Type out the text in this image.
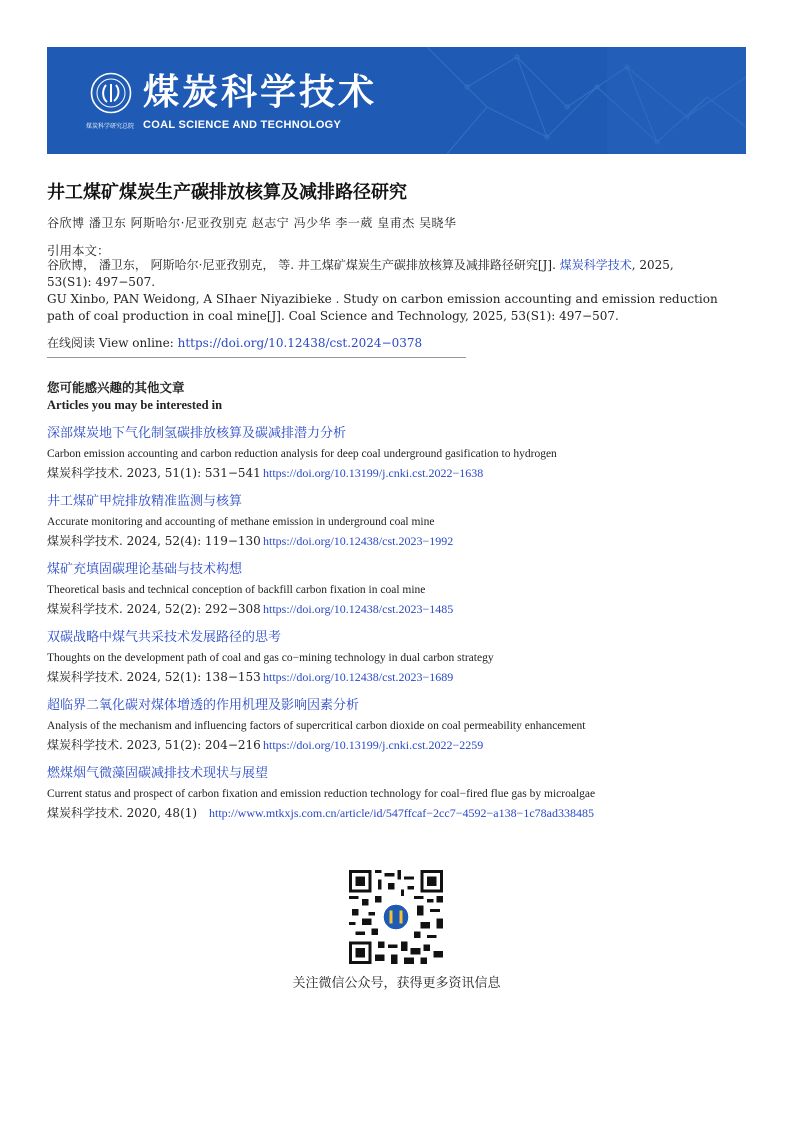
煤炭科学技术
煤炭科学研究总院 COAL SCIENCE AND TECHNOLOGY
井工煤矿煤炭生产碳排放核算及减排路径研究
谷欣博 潘卫东 阿斯哈尔·尼亚孜别克 赵志宁 冯少华 李一葳 皇甫杰 吴晓华
引用本文：

谷欣博， 潘卫东， 阿斯哈尔·尼亚孜别克， 等. 井工煤矿煤炭生产碳排放核算及减排路径研究[J]. 煤炭科学技术, 2025,

53(S1): 497−507.

GU Xinbo, PAN Weidong, A SIhaer Niyazibieke . Study on carbon emission accounting and emission reduction path of coal production in coal mine[J]. Coal Science and Technology, 2025, 53(S1): 497−507.

在线阅读 View online: https://doi.org/10.12438/cst.2024−0378
您可能感兴趣的其他文章
Articles you may be interested in
深部煤炭地下气化制氢碳排放核算及碳减排潜力分析
Carbon emission accounting and carbon reduction analysis for deep coal underground gasification to hydrogen
煤炭科学技术. 2023, 51(1): 531−541 https://doi.org/10.13199/j.cnki.cst.2022−1638
井工煤矿甲烷排放精准监测与核算
Accurate monitoring and accounting of methane emission in underground coal mine
煤炭科学技术. 2024, 52(4): 119−130 https://doi.org/10.12438/cst.2023−1992
煤矿充填固碳理论基础与技术构想
Theoretical basis and technical conception of backfill carbon fixation in coal mine
煤炭科学技术. 2024, 52(2): 292−308 https://doi.org/10.12438/cst.2023−1485
双碳战略中煤气共采技术发展路径的思考
Thoughts on the development path of coal and gas co−mining technology in dual carbon strategy
煤炭科学技术. 2024, 52(1): 138−153 https://doi.org/10.12438/cst.2023−1689
超临界二氧化碳对煤体增透的作用机理及影响因素分析
Analysis of the mechanism and influencing factors of supercritical carbon dioxide on coal permeability enhancement
煤炭科学技术. 2023, 51(2): 204−216 https://doi.org/10.13199/j.cnki.cst.2022−2259
燃煤烟气微藻固碳减排技术现状与展望
Current status and prospect of carbon fixation and emission reduction technology for coal−fired flue gas by microalgae
煤炭科学技术. 2020, 48(1) http://www.mtkxjs.com.cn/article/id/547ffcaf−2cc7−4592−a138−1c78ad338485
关注微信公众号，获得更多资讯信息
